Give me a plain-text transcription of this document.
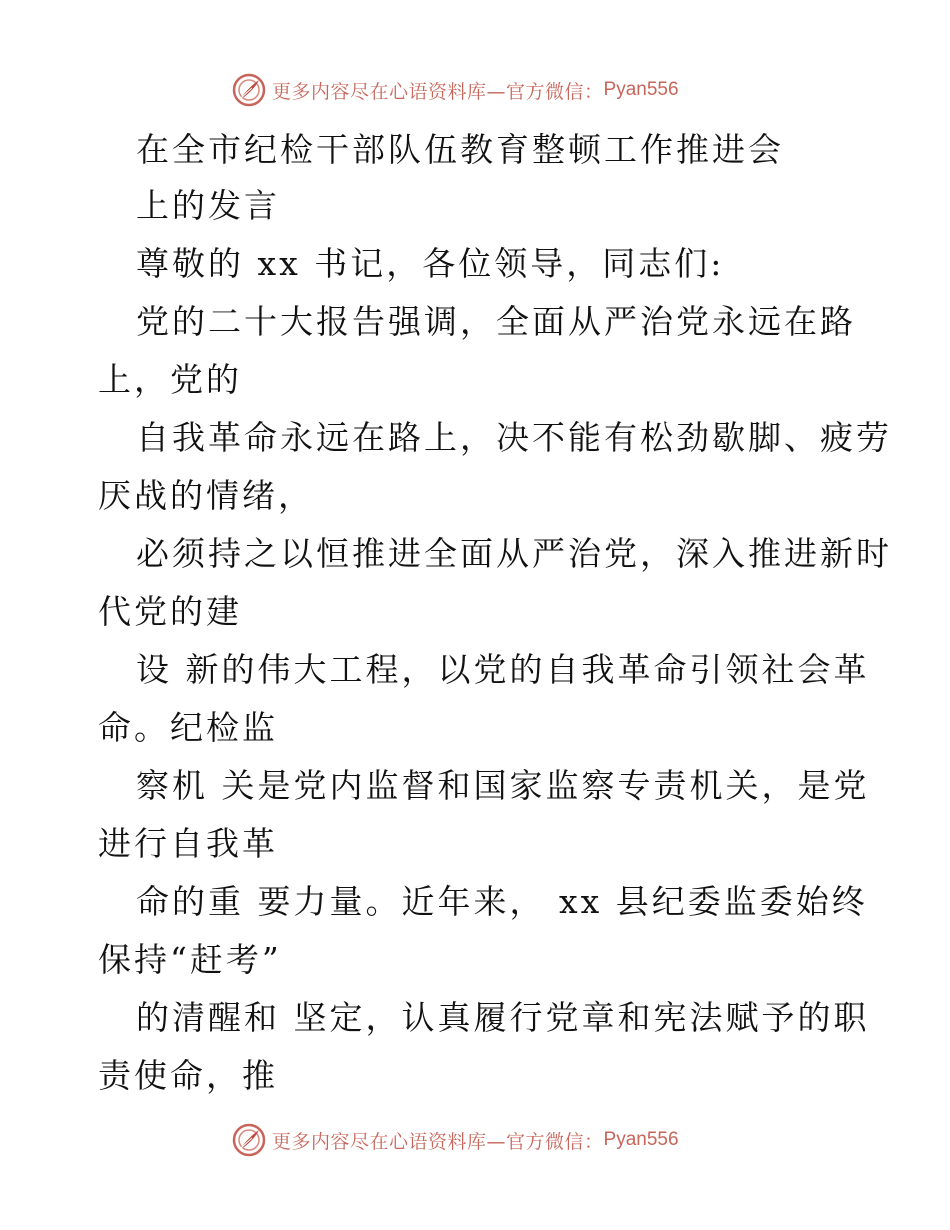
更多内容尽在心语资料库—官方微信： Pyan556
在全市纪检干部队伍教育整顿工作推进会
上的发言
尊敬的 xx 书记，各位领导，同志们:
党的二十大报告强调，全面从严治党永远在路
上，党的
自我革命永远在路上，决不能有松劲歇脚、疲劳
厌战的情绪，
必须持之以恒推进全面从严治党，深入推进新时
代党的建
设 新的伟大工程，以党的自我革命引领社会革
命。纪检监
察机 关是党内监督和国家监察专责机关，是党
进行自我革
命的重 要力量。近年来， xx 县纪委监委始终
保持“赶考”
的清醒和 坚定，认真履行党章和宪法赋予的职
责使命，推
更多内容尽在心语资料库—官方微信： Pyan556
